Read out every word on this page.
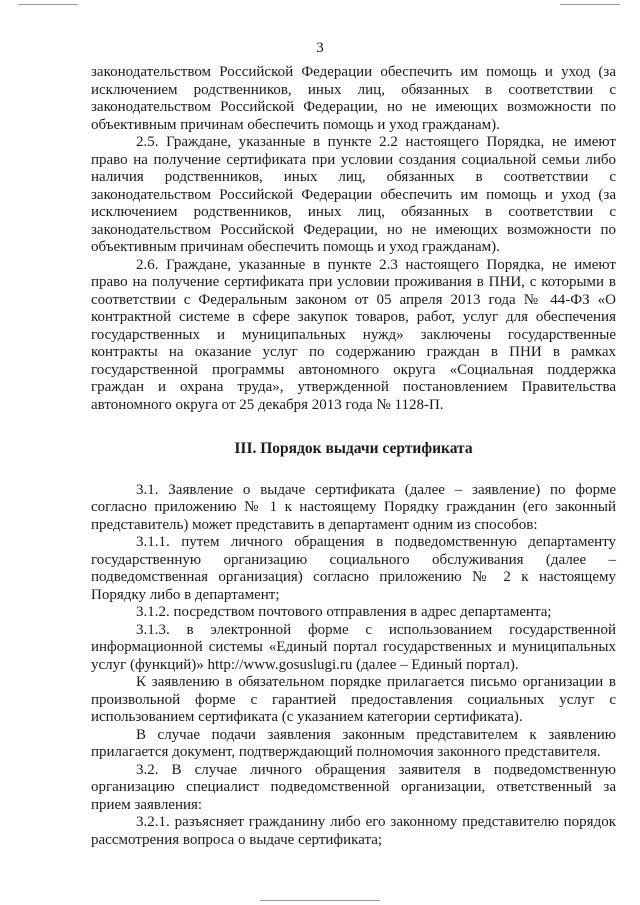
3

законодательством Российской Федерации обеспечить им помощь и уход (за исключением родственников, иных лиц, обязанных в соответствии с законодательством Российской Федерации, но не имеющих возможности по объективным причинам обеспечить помощь и уход гражданам).

2.5. Граждане, указанные в пункте 2.2 настоящего Порядка, не имеют право на получение сертификата при условии создания социальной семьи либо наличия родственников, иных лиц, обязанных в соответствии с законодательством Российской Федерации обеспечить им помощь и уход (за исключением родственников, иных лиц, обязанных в соответствии с законодательством Российской Федерации, но не имеющих возможности по объективным причинам обеспечить помощь и уход гражданам).

2.6. Граждане, указанные в пункте 2.3 настоящего Порядка, не имеют право на получение сертификата при условии проживания в ПНИ, с которыми в соответствии с Федеральным законом от 05 апреля 2013 года № 44-ФЗ «О контрактной системе в сфере закупок товаров, работ, услуг для обеспечения государственных и муниципальных нужд» заключены государственные контракты на оказание услуг по содержанию граждан в ПНИ в рамках государственной программы автономного округа «Социальная поддержка граждан и охрана труда», утвержденной постановлением Правительства автономного округа от 25 декабря 2013 года № 1128-П.

III. Порядок выдачи сертификата

3.1. Заявление о выдаче сертификата (далее – заявление) по форме согласно приложению № 1 к настоящему Порядку гражданин (его законный представитель) может представить в департамент одним из способов:

3.1.1. путем личного обращения в подведомственную департаменту государственную организацию социального обслуживания (далее – подведомственная организация) согласно приложению № 2 к настоящему Порядку либо в департамент;

3.1.2. посредством почтового отправления в адрес департамента;

3.1.3. в электронной форме с использованием государственной информационной системы «Единый портал государственных и муниципальных услуг (функций)» http://www.gosuslugi.ru (далее – Единый портал).

К заявлению в обязательном порядке прилагается письмо организации в произвольной форме с гарантией предоставления социальных услуг с использованием сертификата (с указанием категории сертификата).

В случае подачи заявления законным представителем к заявлению прилагается документ, подтверждающий полномочия законного представителя.

3.2. В случае личного обращения заявителя в подведомственную организацию специалист подведомственной организации, ответственный за прием заявления:

3.2.1. разъясняет гражданину либо его законному представителю порядок рассмотрения вопроса о выдаче сертификата;
